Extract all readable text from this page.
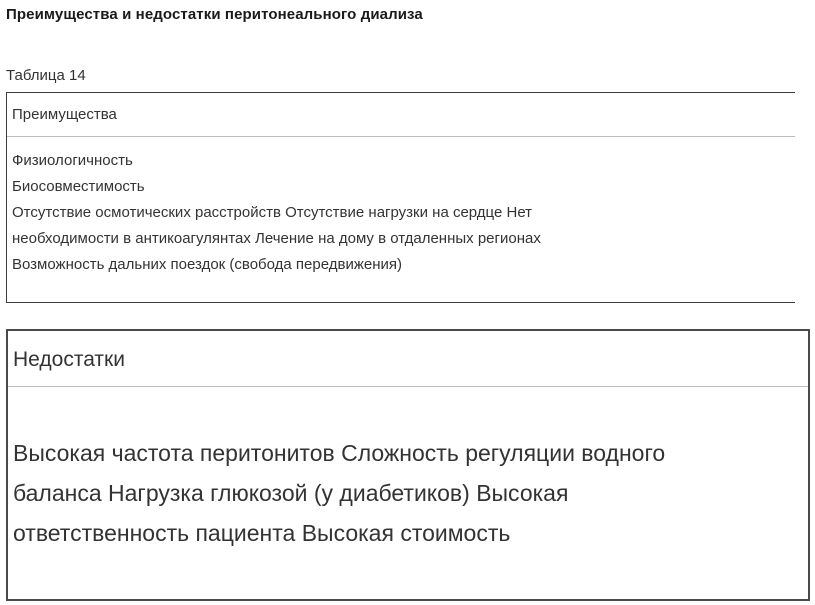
Преимущества и недостатки перитонеального диализа
Таблица 14
Преимущества
Физиологичность
Биосовместимость
Отсутствие осмотических расстройств Отсутствие нагрузки на сердце Нет
необходимости в антикоагулянтах Лечение на дому в отдаленных регионах
Возможность дальних поездок (свобода передвижения)
Недостатки
Высокая частота перитонитов Сложность регуляции водного
баланса Нагрузка глюкозой (у диабетиков) Высокая
ответственность пациента Высокая стоимость
